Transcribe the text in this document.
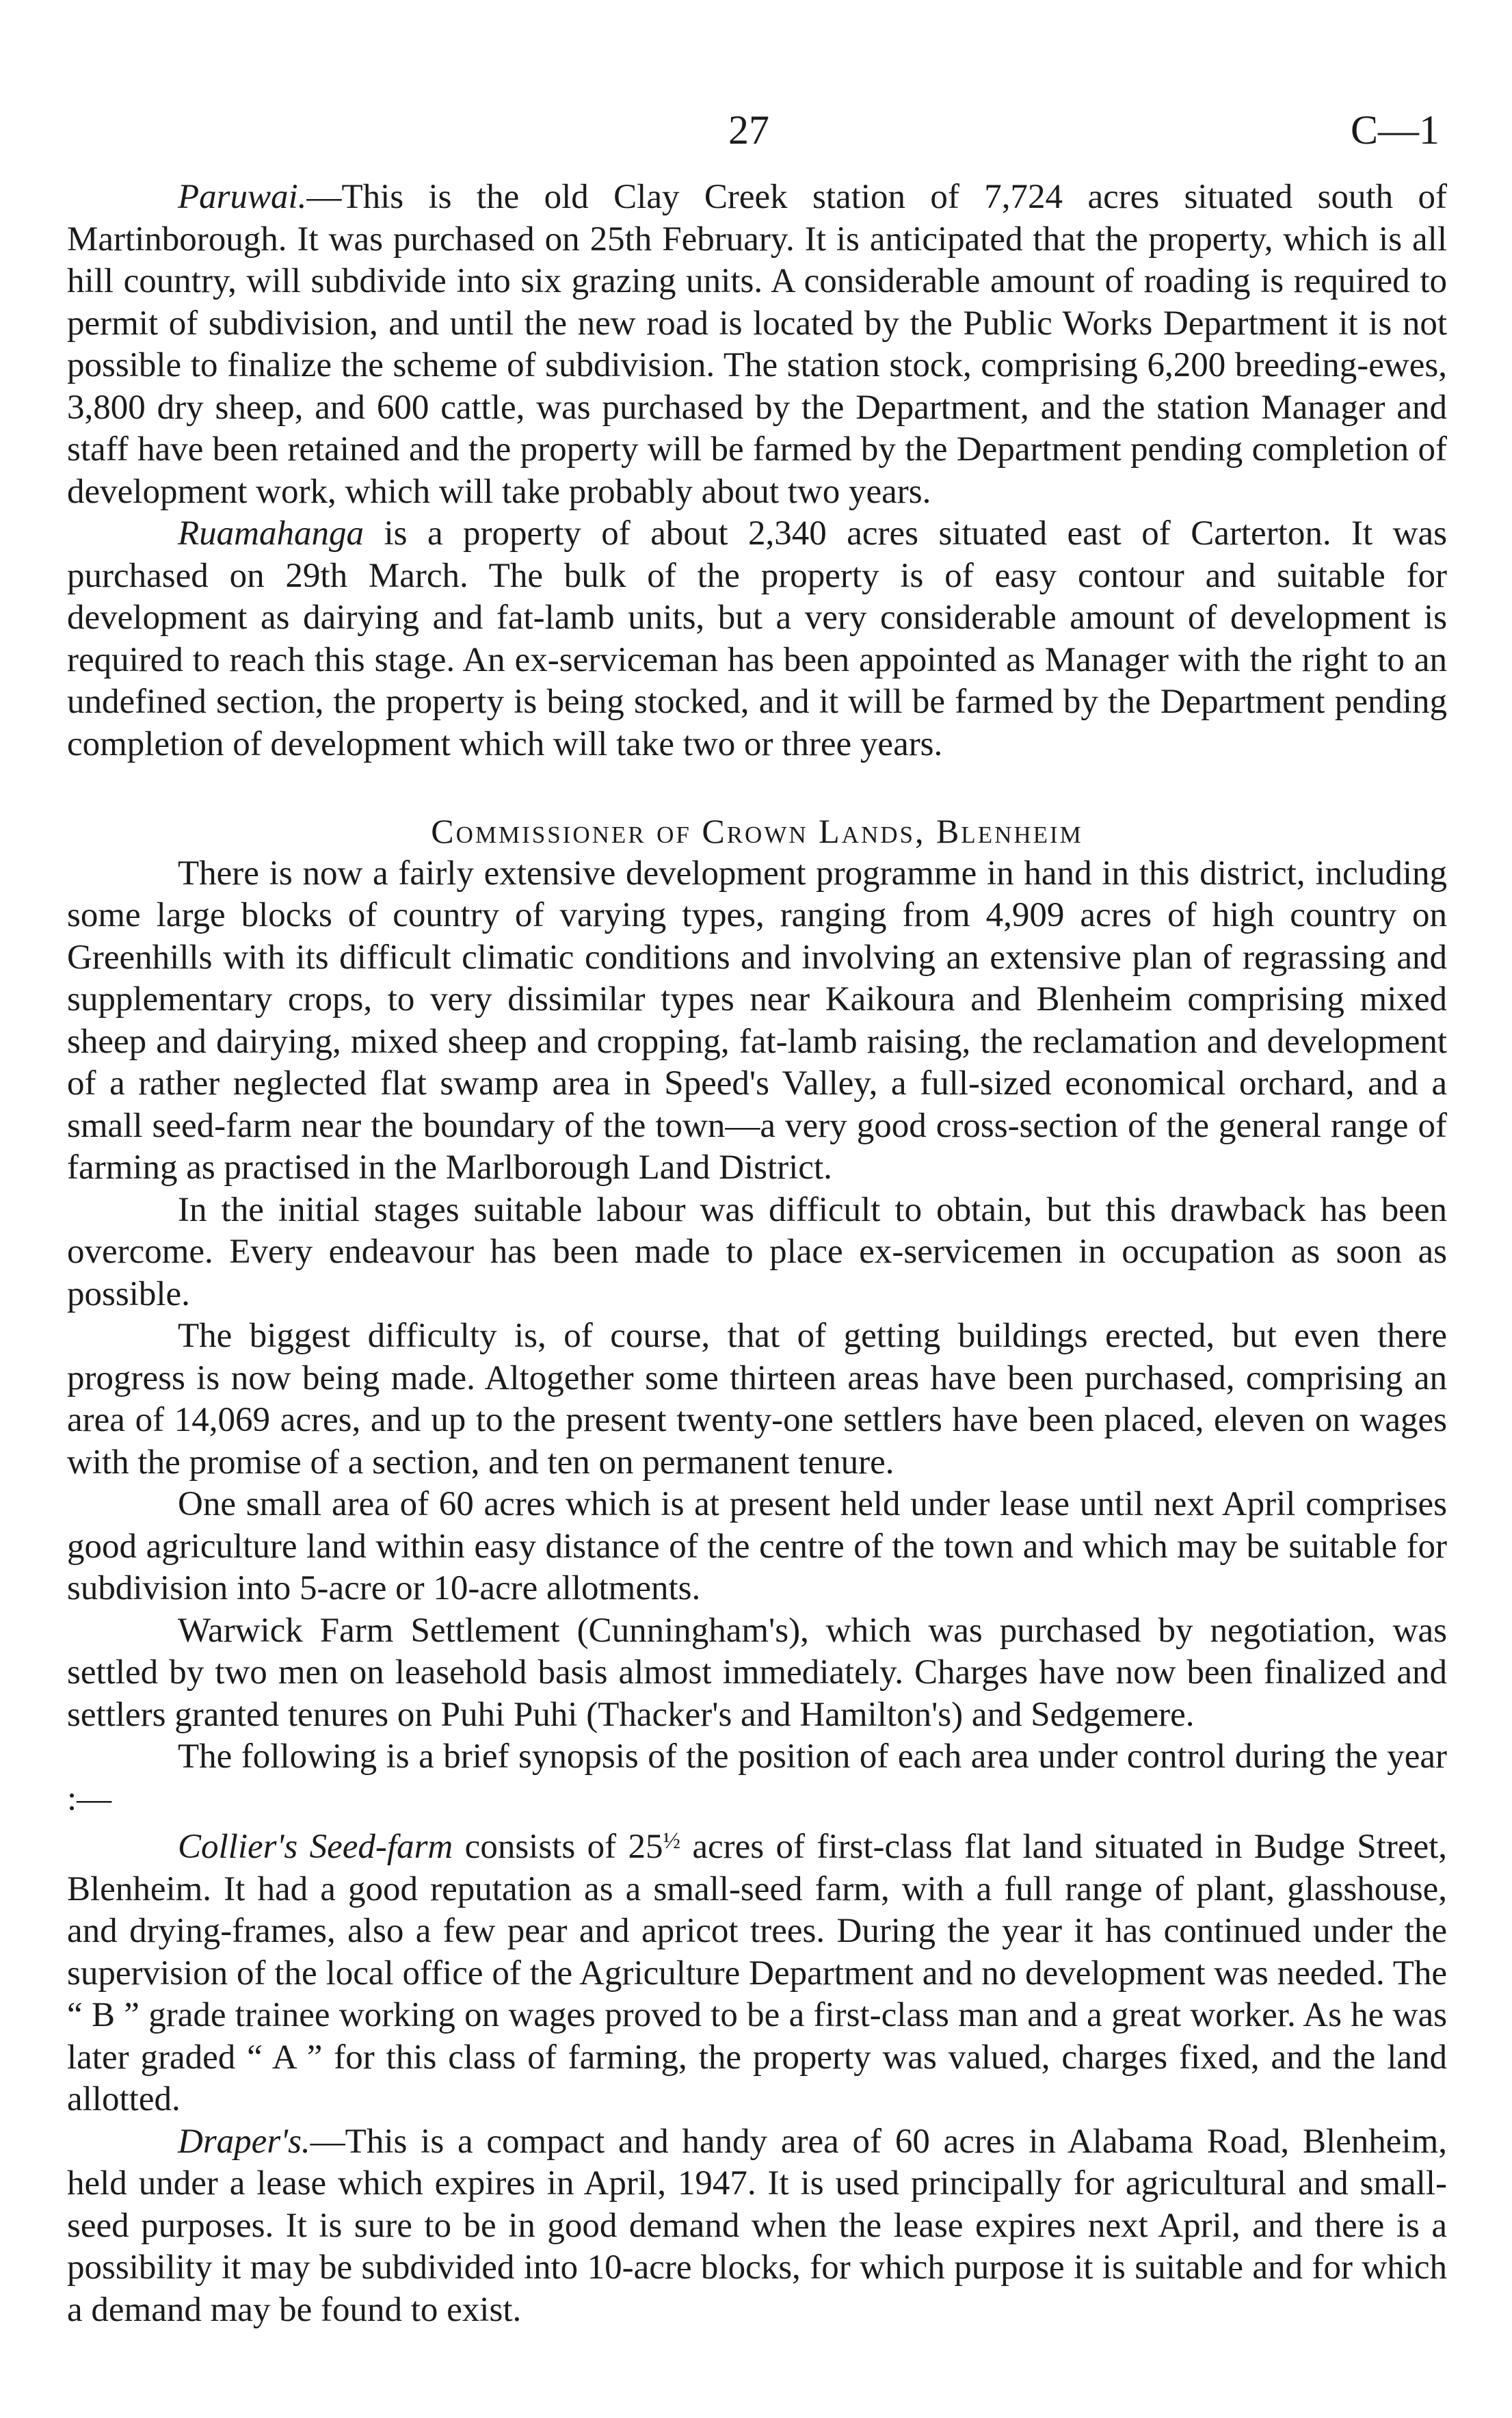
27	C—1

Paruwai.—This is the old Clay Creek station of 7,724 acres situated south of Martinborough. It was purchased on 25th February. It is anticipated that the property, which is all hill country, will subdivide into six grazing units. A considerable amount of roading is required to permit of subdivision, and until the new road is located by the Public Works Department it is not possible to finalize the scheme of subdivision. The station stock, comprising 6,200 breeding-ewes, 3,800 dry sheep, and 600 cattle, was purchased by the Department, and the station Manager and staff have been retained and the property will be farmed by the Department pending completion of development work, which will take probably about two years.

Ruamahanga is a property of about 2,340 acres situated east of Carterton. It was purchased on 29th March. The bulk of the property is of easy contour and suitable for development as dairying and fat-lamb units, but a very considerable amount of development is required to reach this stage. An ex-serviceman has been appointed as Manager with the right to an undefined section, the property is being stocked, and it will be farmed by the Department pending completion of development which will take two or three years.

Commissioner of Crown Lands, Blenheim

There is now a fairly extensive development programme in hand in this district, including some large blocks of country of varying types, ranging from 4,909 acres of high country on Greenhills with its difficult climatic conditions and involving an extensive plan of regrassing and supplementary crops, to very dissimilar types near Kaikoura and Blenheim comprising mixed sheep and dairying, mixed sheep and cropping, fat-lamb raising, the reclamation and development of a rather neglected flat swamp area in Speed's Valley, a full-sized economical orchard, and a small seed-farm near the boundary of the town—a very good cross-section of the general range of farming as practised in the Marlborough Land District.

In the initial stages suitable labour was difficult to obtain, but this drawback has been overcome. Every endeavour has been made to place ex-servicemen in occupation as soon as possible.

The biggest difficulty is, of course, that of getting buildings erected, but even there progress is now being made. Altogether some thirteen areas have been purchased, comprising an area of 14,069 acres, and up to the present twenty-one settlers have been placed, eleven on wages with the promise of a section, and ten on permanent tenure.

One small area of 60 acres which is at present held under lease until next April comprises good agriculture land within easy distance of the centre of the town and which may be suitable for subdivision into 5-acre or 10-acre allotments.

Warwick Farm Settlement (Cunningham's), which was purchased by negotiation, was settled by two men on leasehold basis almost immediately. Charges have now been finalized and settlers granted tenures on Puhi Puhi (Thacker's and Hamilton's) and Sedgemere.

The following is a brief synopsis of the position of each area under control during the year :—

Collier's Seed-farm consists of $25^{\frac{1}{2}}$ acres of first-class flat land situated in Budge Street, Blenheim. It had a good reputation as a small-seed farm, with a full range of plant, glasshouse, and drying-frames, also a few pear and apricot trees. During the year it has continued under the supervision of the local office of the Agriculture Department and no development was needed. The “ B ” grade trainee working on wages proved to be a first-class man and a great worker. As he was later graded “ A ” for this class of farming, the property was valued, charges fixed, and the land allotted.

Draper's.—This is a compact and handy area of 60 acres in Alabama Road, Blenheim, held under a lease which expires in April, 1947. It is used principally for agricultural and small-seed purposes. It is sure to be in good demand when the lease expires next April, and there is a possibility it may be subdivided into 10-acre blocks, for which purpose it is suitable and for which a demand may be found to exist.
